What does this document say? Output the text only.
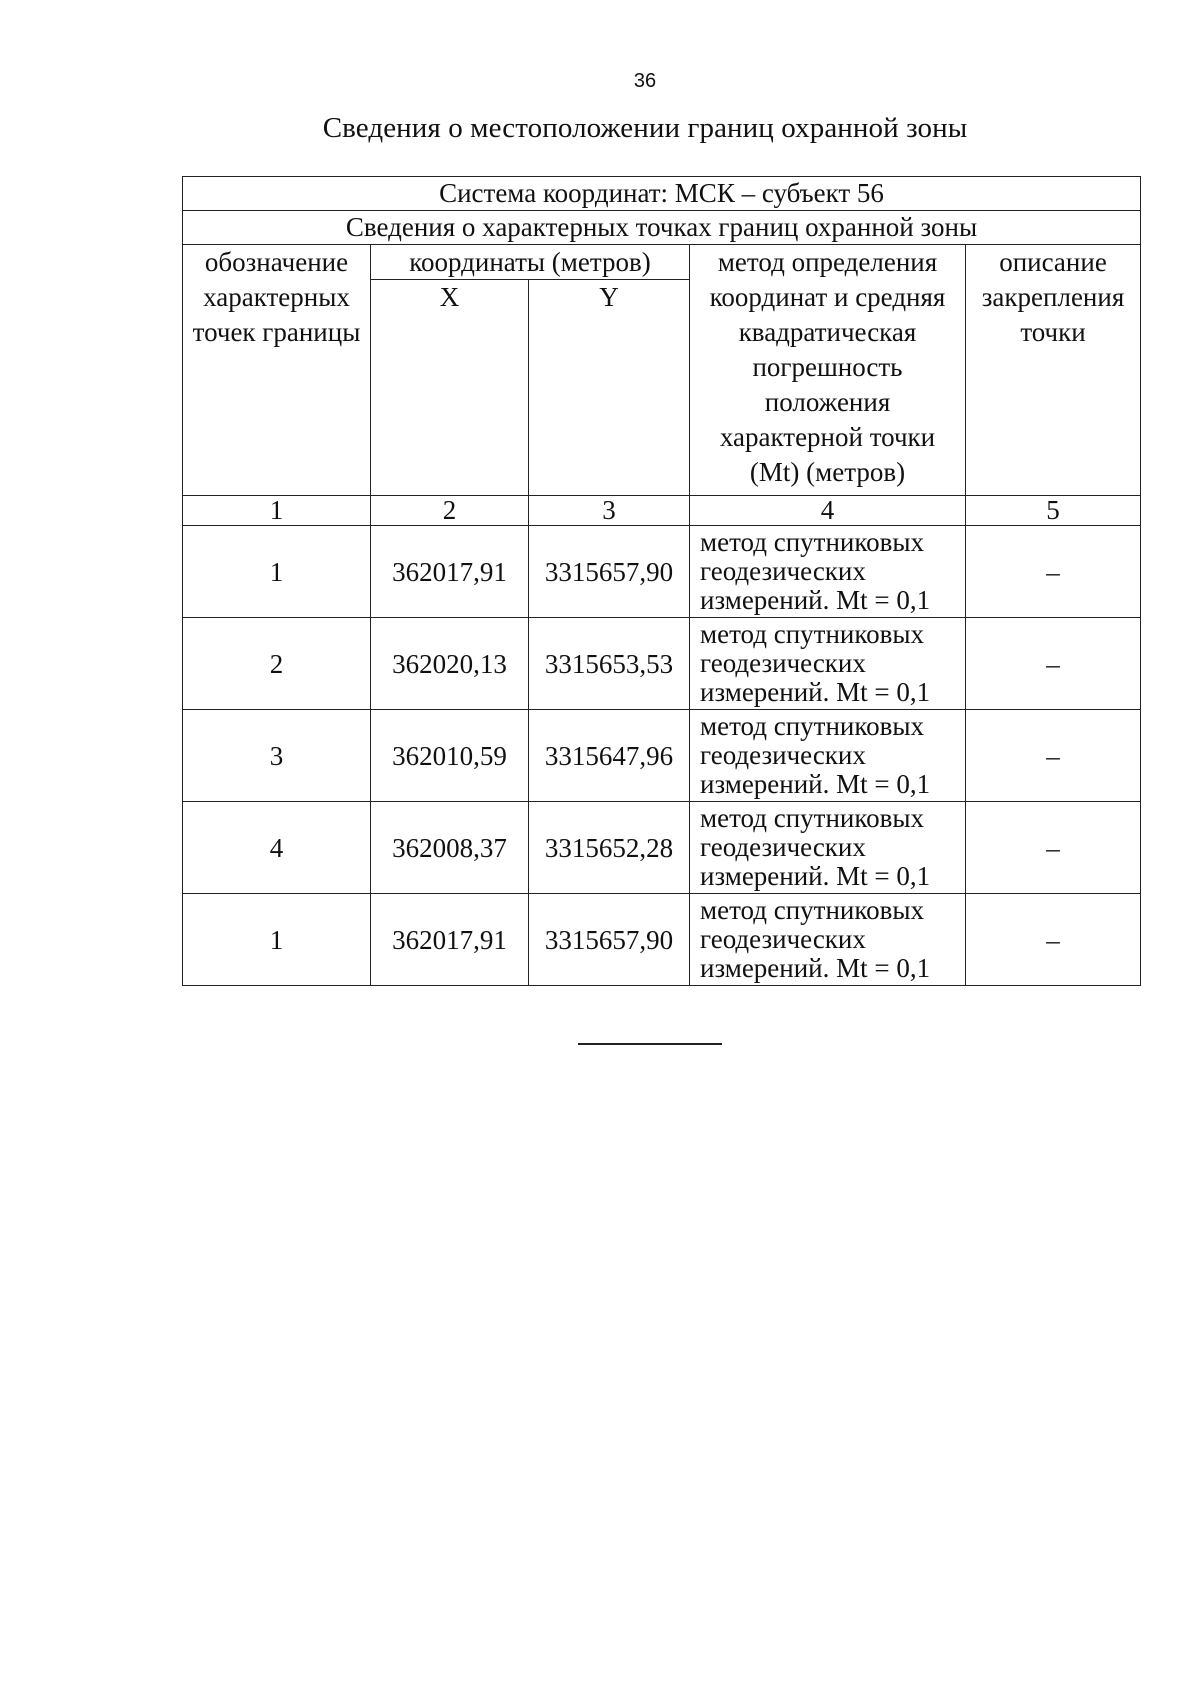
36
Сведения о местоположении границ охранной зоны
Система координат: МСК – субъект 56				
Сведения о характерных точках границ охранной зоны				
обозначение характерных точек границы	координаты (метров)		метод определения координат и средняя квадратическая погрешность положения характерной точки (Mt) (метров)	описание закрепления точки
	X	Y		
1	2	3	4	5
1	362017,91	3315657,90	метод спутниковых геодезических измерений. Mt = 0,1	–
2	362020,13	3315653,53	метод спутниковых геодезических измерений. Mt = 0,1	–
3	362010,59	3315647,96	метод спутниковых геодезических измерений. Mt = 0,1	–
4	362008,37	3315652,28	метод спутниковых геодезических измерений. Mt = 0,1	–
1	362017,91	3315657,90	метод спутниковых геодезических измерений. Mt = 0,1	–
